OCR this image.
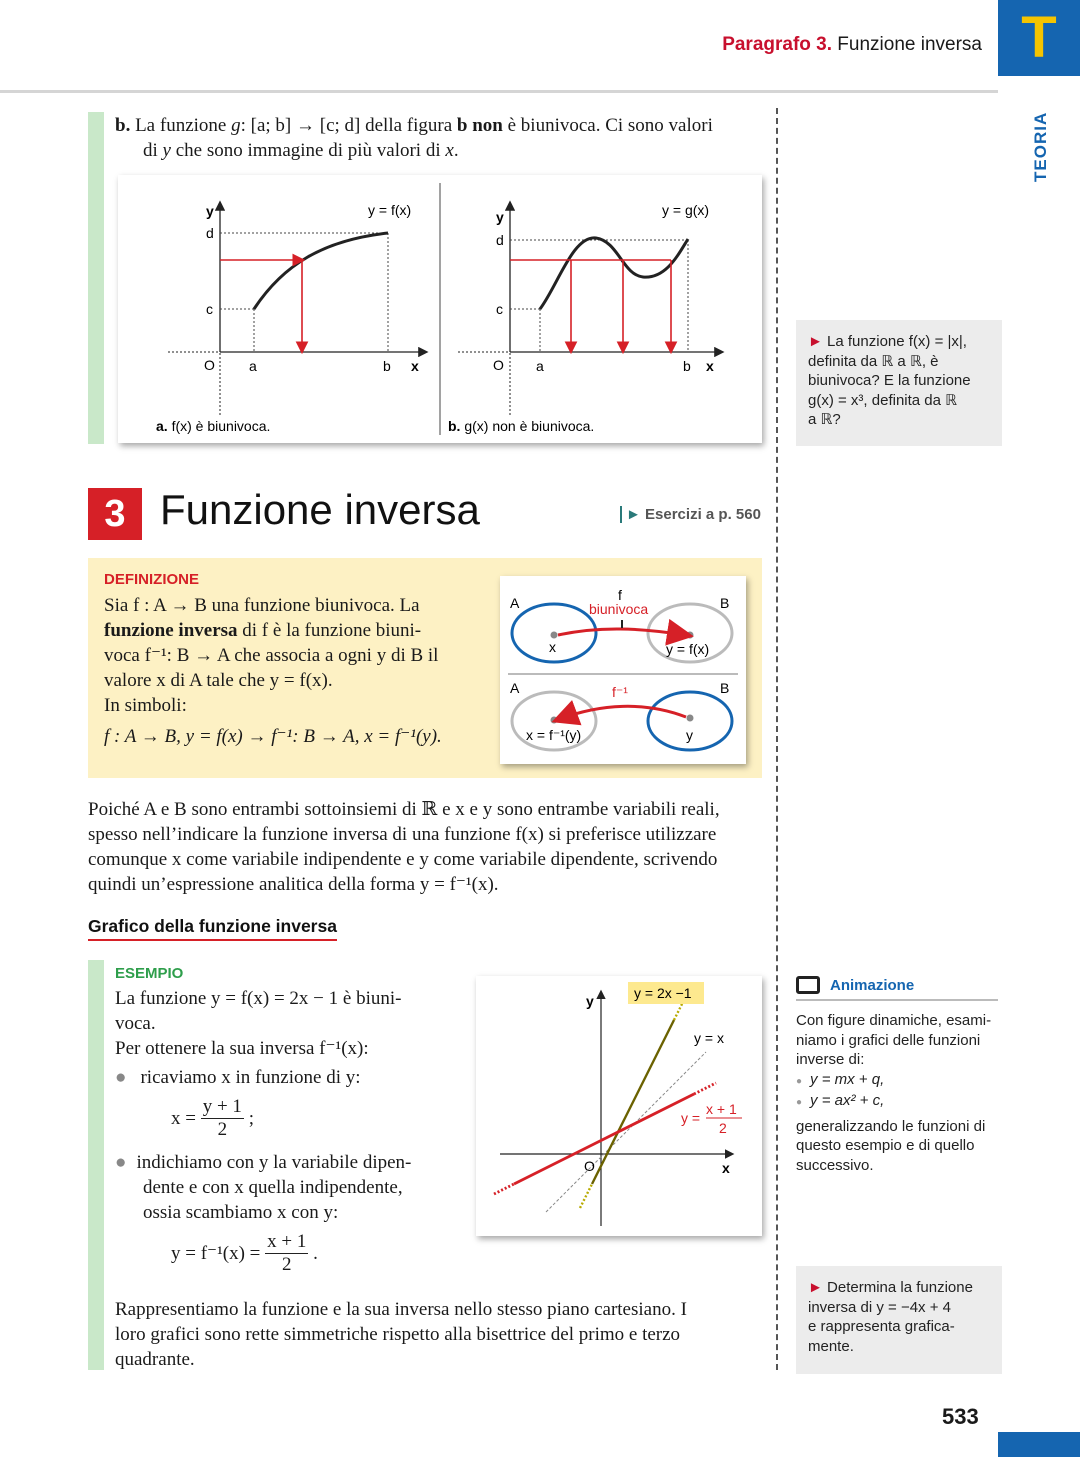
Paragrafo 3. Funzione inversa T
TEORIA
b. La funzione g: [a; b] → [c; d] della figura b non è biunivoca. Ci sono valori
di y che sono immagine di più valori di x.
y
d
c
O a	b x
y = f(x)
a. f(x) è biunivoca.
y
d
c
O a	b x
y = g(x)
b. g(x) non è biunivoca.
► La funzione f(x) = |x|,
definita da ℝ a ℝ, è
biunivoca? E la funzione
g(x) = x³, definita da ℝ
a ℝ?
3 Funzione inversa	► Esercizi a p. 560
DEFINIZIONE
Sia f : A → B una funzione biunivoca. La
funzione inversa di f è la funzione biuni-
voca f⁻¹: B → A che associa a ogni y di B il
valore x di A tale che y = f(x).
In simboli:
f : A → B, y = f(x) → f⁻¹: B → A, x = f⁻¹(y).
A	B
f
biunivoca
x	y = f(x)
A	B
f⁻¹
x = f⁻¹(y)	y
Poiché A e B sono entrambi sottoinsiemi di ℝ e x e y sono entrambe variabili reali,
spesso nell’indicare la funzione inversa di una funzione f(x) si preferisce utilizzare
comunque x come variabile indipendente e y come variabile dipendente, scrivendo
quindi un’espressione analitica della forma y = f⁻¹(x).
Grafico della funzione inversa
ESEMPIO
La funzione y = f(x) = 2x − 1 è biuni-
voca.
Per ottenere la sua inversa f⁻¹(x):
● ricaviamo x in funzione di y:
$x = \frac{y + 1}{2}$ ;
● indichiamo con y la variabile dipen-
dente e con x quella indipendente,
ossia scambiamo x con y:
$y = f^{-1}(x) = \frac{x + 1}{2}$ .
Rappresentiamo la funzione e la sua inversa nello stesso piano cartesiano. I
loro grafici sono rette simmetriche rispetto alla bisettrice del primo e terzo
quadrante.
y
O	x
y = 2x −1
y = x
y =
x + 1
2
Animazione
Con figure dinamiche, esami-
niamo i grafici delle funzioni
inverse di:
● y = mx + q,
● y = ax² + c,
generalizzando le funzioni di
questo esempio e di quello
successivo.
► Determina la funzione
inversa di y = −4x + 4
e rappresenta grafica-
mente.
533
